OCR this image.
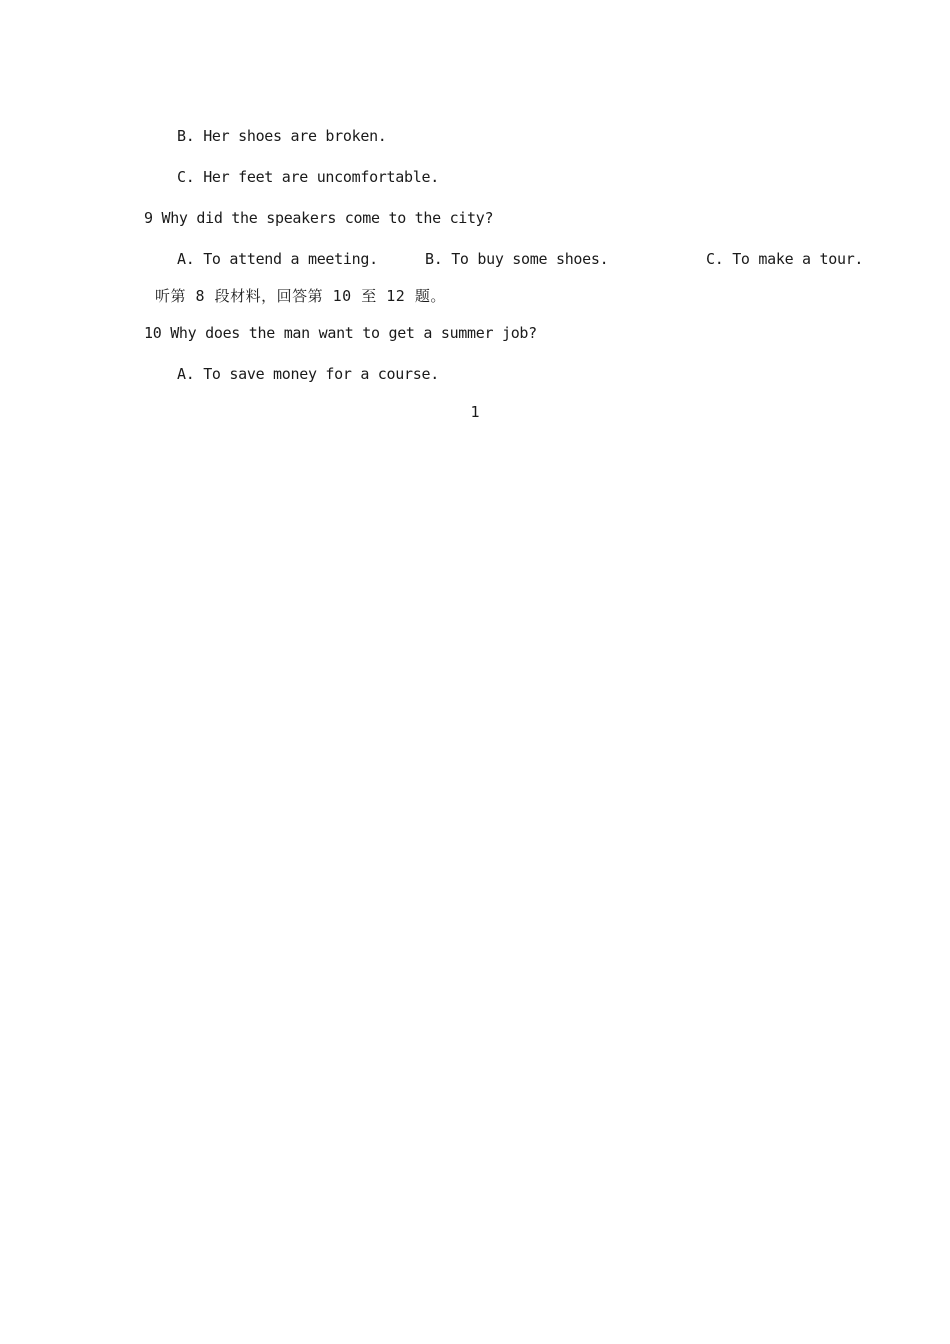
B. Her shoes are broken.
C. Her feet are uncomfortable.
9 Why did the speakers come to the city?
A. To attend a meeting.	B. To buy some shoes.	C. To make a tour.
听第 8 段材料，回答第 10 至 12 题。
10 Why does the man want to get a summer job?
A. To save money for a course.
1
